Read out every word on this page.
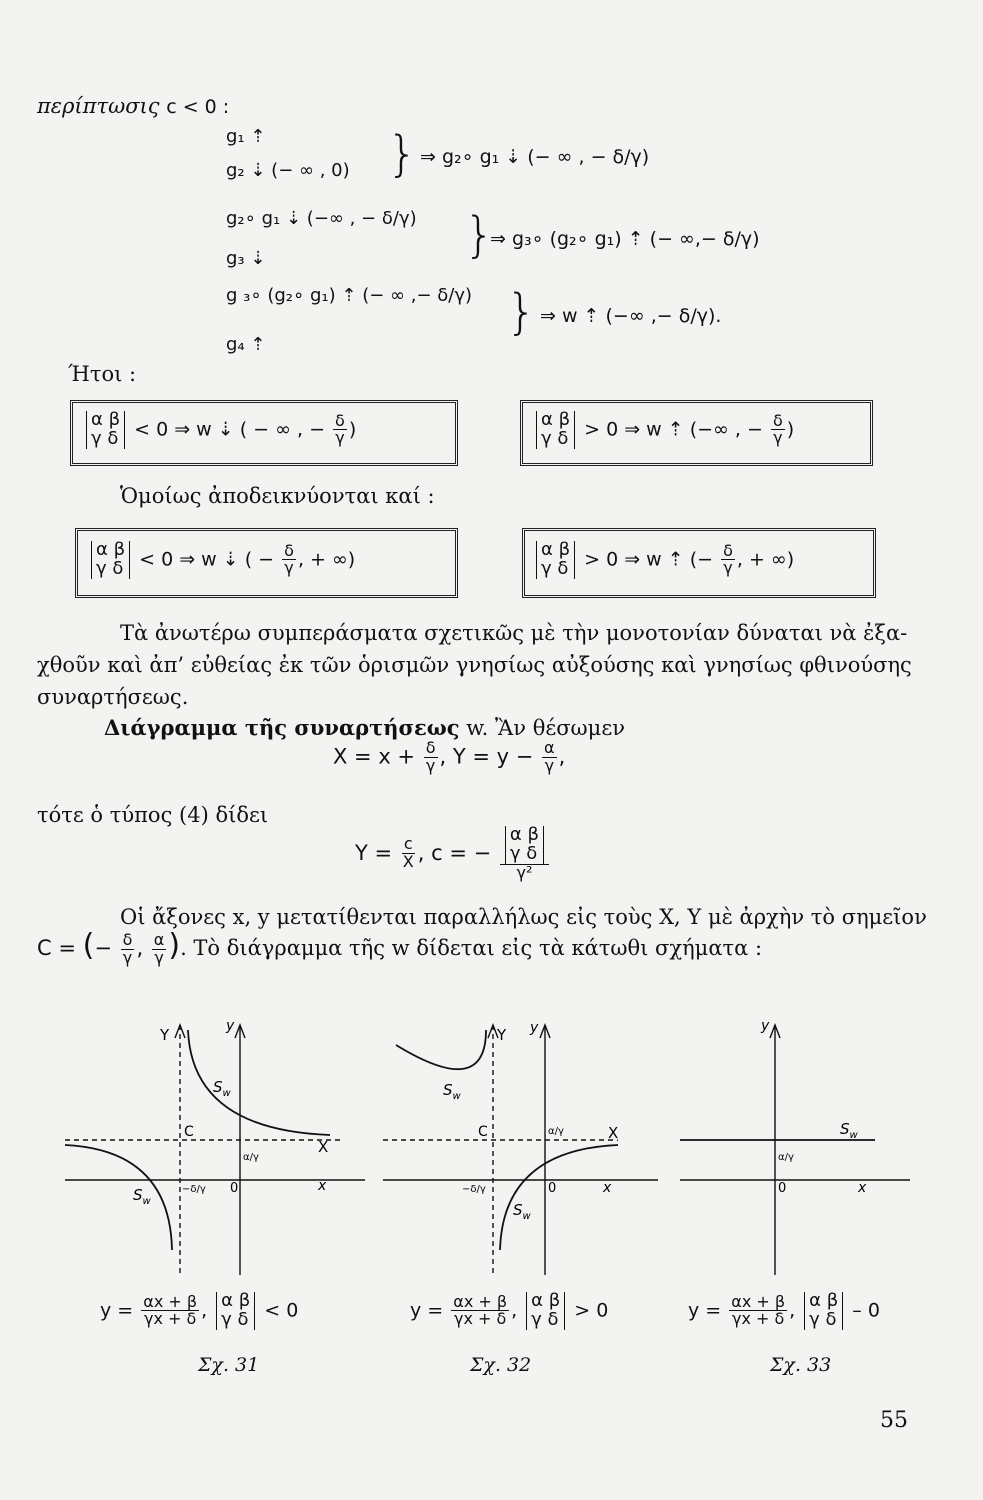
περίπτωσις c < 0 :
g₁ ⇡
g₂ ⇣ (− ∞ , 0) } ⇒ g₂∘ g₁ ⇣ (− ∞ , − δ/γ)
g₂∘ g₁ ⇣ (−∞ , − δ/γ)
g₃ ⇣	}
⇒ g₃∘ (g₂∘ g₁) ⇡ (− ∞,− δ/γ)
g ₃∘ (g₂∘ g₁) ⇡ (− ∞ ,− δ/γ)
g₄ ⇡
} ⇒ w ⇡ (−∞ ,− δ/γ).
Ήτοι :
α β
γ δ < 0 ⇒ w ⇣ ( − ∞ , − $\frac{\delta}{\gamma}$ )	α β
γ δ > 0 ⇒ w ⇡ (−∞ , − $\frac{\delta}{\gamma}$ )
Ὁμοίως ἀποδεικνύονται καί :
α β
γ δ < 0 ⇒ w ⇣ ( − $\frac{\delta}{\gamma}$ , + ∞)	α β
γ δ > 0 ⇒ w ⇡ (− $\frac{\delta}{\gamma}$ , + ∞)
Τὰ ἀνωτέρω συμπεράσματα σχετικῶς μὲ τὴν μονοτονίαν δύναται νὰ ἐξα-
χθοῦν καὶ ἀπ’ εὐθείας ἐκ τῶν ὁρισμῶν γνησίως αὐξούσης καὶ γνησίως φθινούσης
συναρτήσεως.
Διάγραμμα τῆς συναρτήσεως w. Ἂν θέσωμεν
$X = x + \frac{\delta}{\gamma}$ , $Y = y - \frac{\alpha}{\gamma}$ ,
τότε ὁ τύπος (4) δίδει
$Y = \frac{c}{X}$ , c = − α β
γ δ
γ²
Οἱ ἄξονες x, y μετατίθενται παραλλήλως εἰς τοὺς X, Y μὲ ἀρχὴν τὸ σημεῖον
C = (− $\frac{\delta}{\gamma}$ , $\frac{\alpha}{\gamma}$ ). Τὸ διάγραμμα τῆς w δίδεται εἰς τὰ κάτωθι σχήματα :
Y	y
X
x
C
0
$S_w$
$S_w$
α/γ
−δ/γ
Y y
X
x
C
0
$S_w$
$S_w$
α/γ
−δ/γ
y
x
0
$S_w$
α/γ
$y = \frac{\alpha x + \beta}{\gamma x + \delta}$ , α β
γ δ < 0	$y = \frac{\alpha x + \beta}{\gamma x + \delta}$ , α β
γ δ > 0	$y = \frac{\alpha x + \beta}{\gamma x + \delta}$ , α β
γ δ – 0
Σχ. 31	Σχ. 32	Σχ. 33
55
